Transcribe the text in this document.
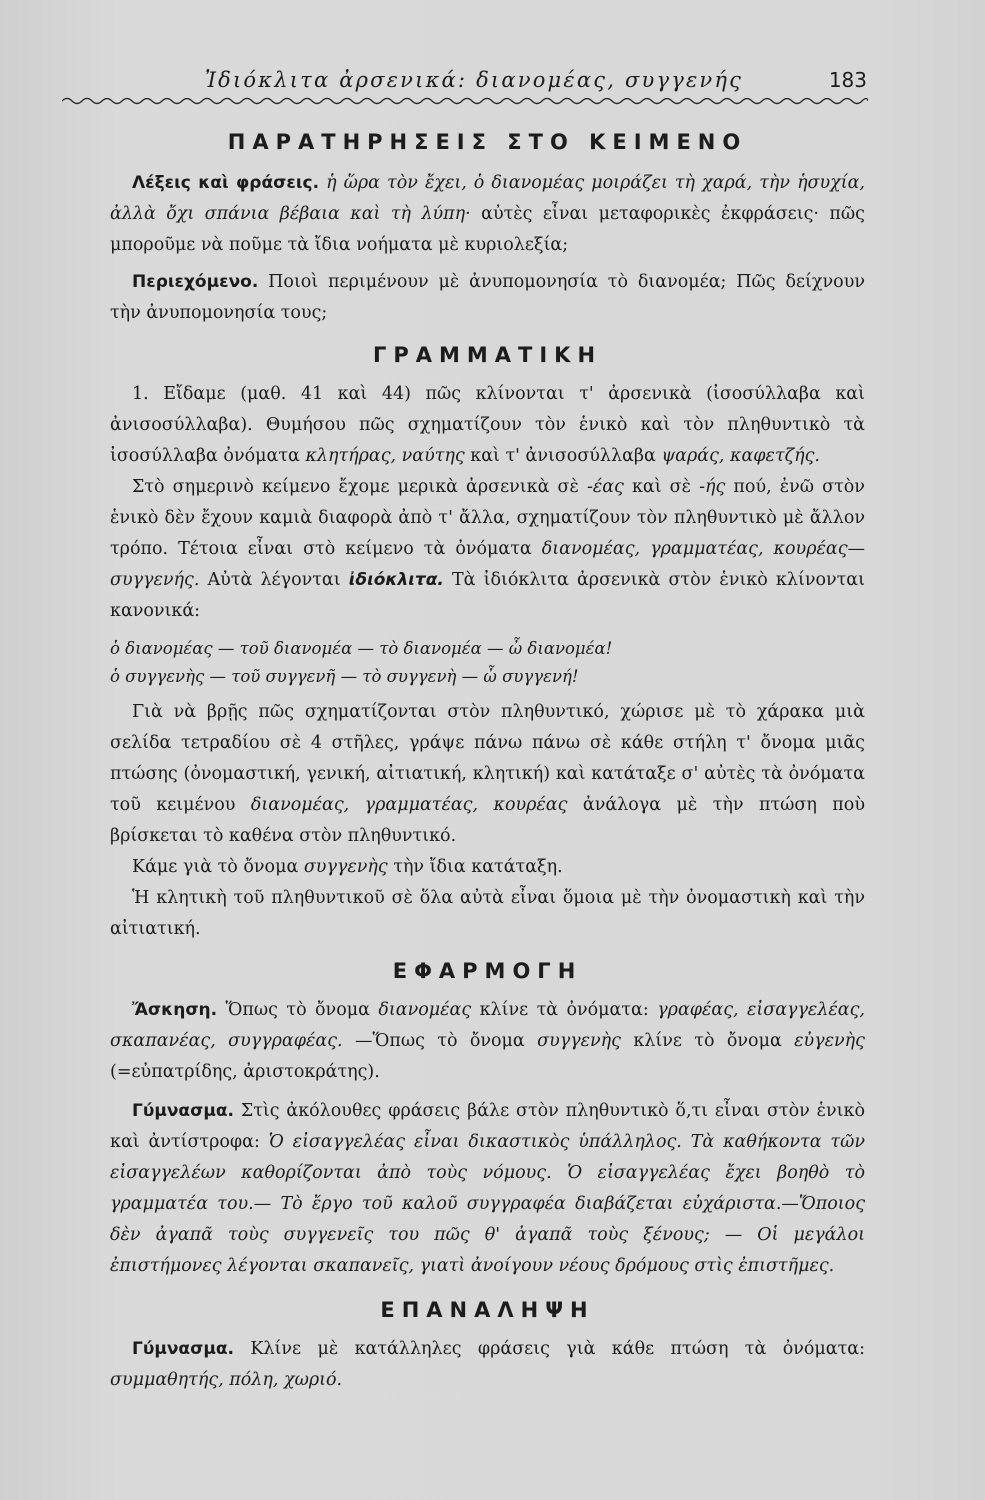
Ἰδιόκλιτα ἀρσενικά: διανομέας, συγγενής	183
ΠΑΡΑΤΗΡΗΣΕΙΣ ΣΤΟ ΚΕΙΜΕΝΟ

Λέξεις καὶ φράσεις. ἡ ὥρα τὸν ἔχει, ὁ διανομέας μοιράζει τὴ χαρά, τὴν ἡσυχία, ἀλλὰ ὄχι σπάνια βέβαια καὶ τὴ λύπη· αὐτὲς εἶναι μεταφορικὲς ἐκφράσεις· πῶς μποροῦμε νὰ ποῦμε τὰ ἴδια νοήματα μὲ κυριολεξία;

Περιεχόμενο. Ποιοὶ περιμένουν μὲ ἀνυπομονησία τὸ διανομέα; Πῶς δείχνουν τὴν ἀνυπομονησία τους;

ΓΡΑΜΜΑΤΙΚΗ

1. Εἴδαμε (μαθ. 41 καὶ 44) πῶς κλίνονται τ' ἀρσενικὰ (ἰσοσύλλαβα καὶ ἀνισοσύλλαβα). Θυμήσου πῶς σχηματίζουν τὸν ἑνικὸ καὶ τὸν πληθυντικὸ τὰ ἰσοσύλλαβα ὀνόματα κλητήρας, ναύτης καὶ τ' ἀνισοσύλλαβα ψαράς, καφετζής.

Στὸ σημερινὸ κείμενο ἔχομε μερικὰ ἀρσενικὰ σὲ -έας καὶ σὲ -ής πού, ἐνῶ στὸν ἑνικὸ δὲν ἔχουν καμιὰ διαφορὰ ἀπὸ τ' ἄλλα, σχηματίζουν τὸν πληθυντικὸ μὲ ἄλλον τρόπο. Τέτοια εἶναι στὸ κείμενο τὰ ὀνόματα διανομέας, γραμματέας, κουρέας—συγγενής. Αὐτὰ λέγονται ἰδιόκλιτα. Τὰ ἰδιόκλιτα ἀρσενικὰ στὸν ἑνικὸ κλίνονται κανονικά:

ὁ διανομέας — τοῦ διανομέα — τὸ διανομέα — ὦ διανομέα!

ὁ συγγενὴς — τοῦ συγγενῆ — τὸ συγγενὴ — ὦ συγγενή!

Γιὰ νὰ βρῇς πῶς σχηματίζονται στὸν πληθυντικό, χώρισε μὲ τὸ χάρακα μιὰ σελίδα τετραδίου σὲ 4 στῆλες, γράψε πάνω πάνω σὲ κάθε στήλη τ' ὄνομα μιᾶς πτώσης (ὀνομαστική, γενική, αἰτιατική, κλητική) καὶ κατάταξε σ' αὐτὲς τὰ ὀνόματα τοῦ κειμένου διανομέας, γραμματέας, κουρέας ἀνάλογα μὲ τὴν πτώση ποὺ βρίσκεται τὸ καθένα στὸν πληθυντικό.

Κάμε γιὰ τὸ ὄνομα συγγενὴς τὴν ἴδια κατάταξη.

Ἡ κλητικὴ τοῦ πληθυντικοῦ σὲ ὅλα αὐτὰ εἶναι ὅμοια μὲ τὴν ὀνομαστικὴ καὶ τὴν αἰτιατική.

ΕΦΑΡΜΟΓΗ

Ἄσκηση. Ὅπως τὸ ὄνομα διανομέας κλίνε τὰ ὀνόματα: γραφέας, εἰσαγγελέας, σκαπανέας, συγγραφέας. —Ὅπως τὸ ὄνομα συγγενὴς κλίνε τὸ ὄνομα εὐγενὴς (=εὐπατρίδης, ἀριστοκράτης).

Γύμνασμα. Στὶς ἀκόλουθες φράσεις βάλε στὸν πληθυντικὸ ὅ,τι εἶναι στὸν ἑνικὸ καὶ ἀντίστροφα: Ὁ εἰσαγγελέας εἶναι δικαστικὸς ὑπάλληλος. Τὰ καθήκοντα τῶν εἰσαγγελέων καθορίζονται ἀπὸ τοὺς νόμους. Ὁ εἰσαγγελέας ἔχει βοηθὸ τὸ γραμματέα του.— Τὸ ἔργο τοῦ καλοῦ συγγραφέα διαβάζεται εὐχάριστα.—Ὅποιος δὲν ἀγαπᾶ τοὺς συγγενεῖς του πῶς θ' ἀγαπᾶ τοὺς ξένους; — Οἱ μεγάλοι ἐπιστήμονες λέγονται σκαπανεῖς, γιατὶ ἀνοίγουν νέους δρόμους στὶς ἐπιστῆμες.

ΕΠΑΝΑΛΗΨΗ

Γύμνασμα. Κλίνε μὲ κατάλληλες φράσεις γιὰ κάθε πτώση τὰ ὀνόματα: συμμαθητής, πόλη, χωριό.
